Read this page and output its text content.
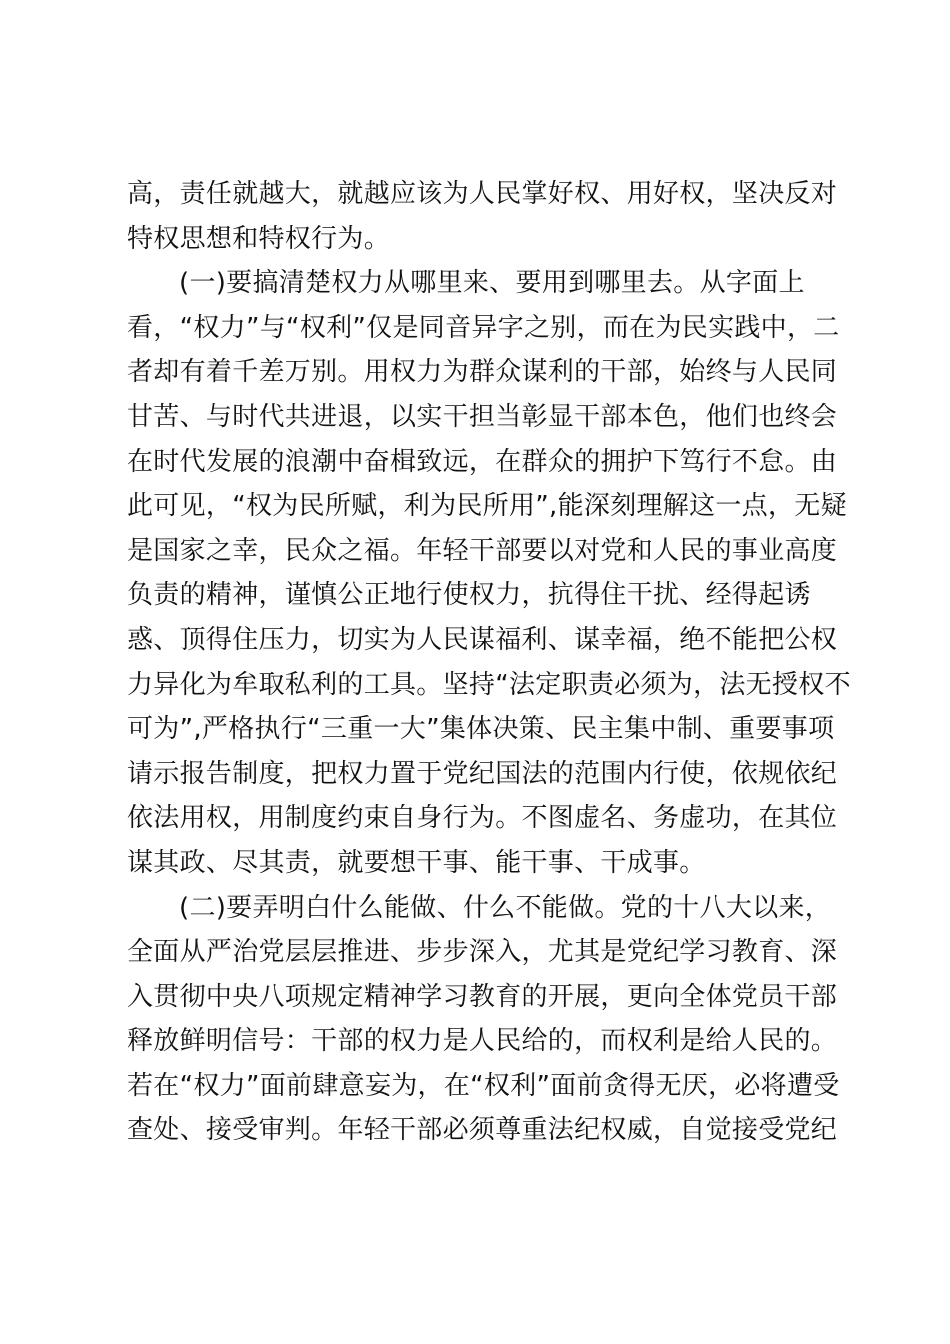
高，责任就越大，就越应该为人民掌好权、用好权，坚决反对
特权思想和特权行为。
(一)要搞清楚权力从哪里来、要用到哪里去。从字面上
看，“权力”与“权利”仅是同音异字之别，而在为民实践中，二
者却有着千差万别。用权力为群众谋利的干部，始终与人民同
甘苦、与时代共进退，以实干担当彰显干部本色，他们也终会
在时代发展的浪潮中奋楫致远，在群众的拥护下笃行不怠。由
此可见，“权为民所赋，利为民所用”,能深刻理解这一点，无疑
是国家之幸，民众之福。年轻干部要以对党和人民的事业高度
负责的精神，谨慎公正地行使权力，抗得住干扰、经得起诱
惑、顶得住压力，切实为人民谋福利、谋幸福，绝不能把公权
力异化为牟取私利的工具。坚持“法定职责必须为，法无授权不
可为”,严格执行“三重一大”集体决策、民主集中制、重要事项
请示报告制度，把权力置于党纪国法的范围内行使，依规依纪
依法用权，用制度约束自身行为。不图虚名、务虚功，在其位
谋其政、尽其责，就要想干事、能干事、干成事。
(二)要弄明白什么能做、什么不能做。党的十八大以来，
全面从严治党层层推进、步步深入，尤其是党纪学习教育、深
入贯彻中央八项规定精神学习教育的开展，更向全体党员干部
释放鲜明信号：干部的权力是人民给的，而权利是给人民的。
若在“权力”面前肆意妄为，在“权利”面前贪得无厌，必将遭受
查处、接受审判。年轻干部必须尊重法纪权威，自觉接受党纪
